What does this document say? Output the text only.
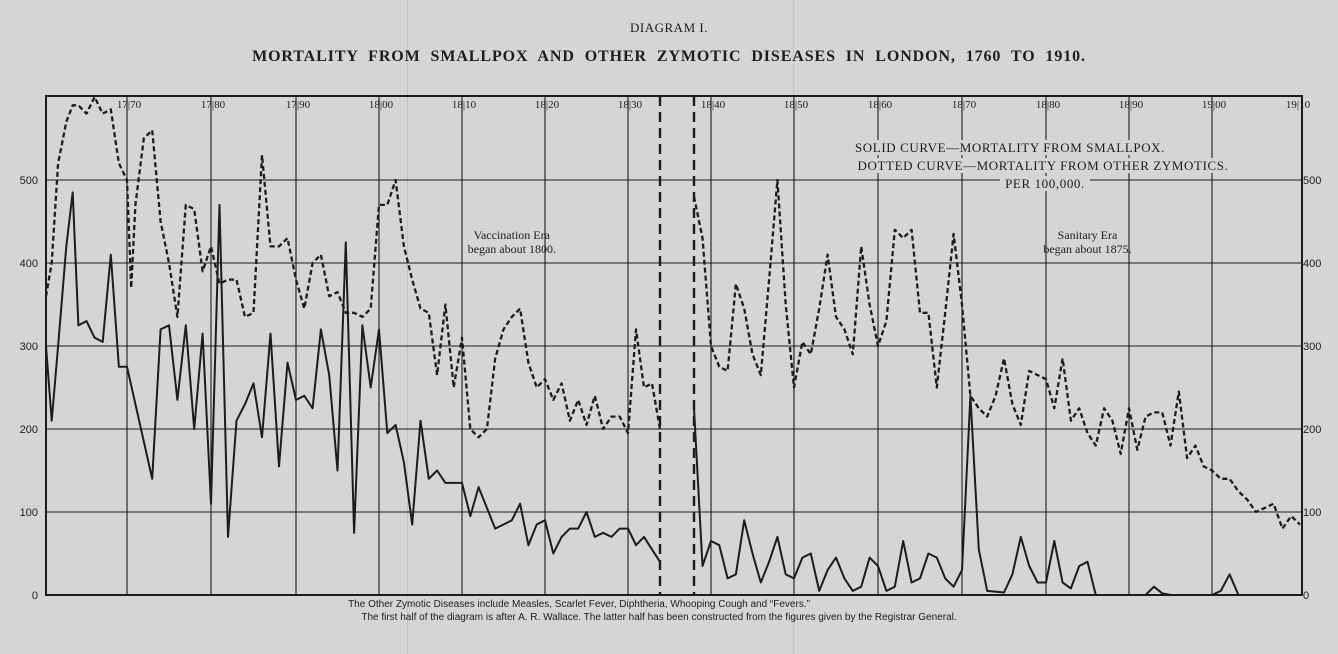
DIAGRAM I.
MORTALITY FROM SMALLPOX AND OTHER ZYMOTIC DISEASES IN LONDON, 1760 TO 1910.
17|70	17|80	17|90	18|00	18|10	18|20	18|30	18|40	18|50	18|60	18|70	18|80	18|90	19|00	19|10
0	0
100	100
200	200
300	300
400	400
500	500
SOLID CURVE—MORTALITY FROM SMALLPOX.
DOTTED CURVE—MORTALITY FROM OTHER ZYMOTICS.
PER 100,000.
Vaccination Era
began about 1800.
Sanitary Era
began about 1875.
The Other Zymotic Diseases include Measles, Scarlet Fever, Diphtheria, Whooping Cough and “Fevers.”
The first half of the diagram is after A. R. Wallace. The latter half has been constructed from the figures given by the Registrar General.
